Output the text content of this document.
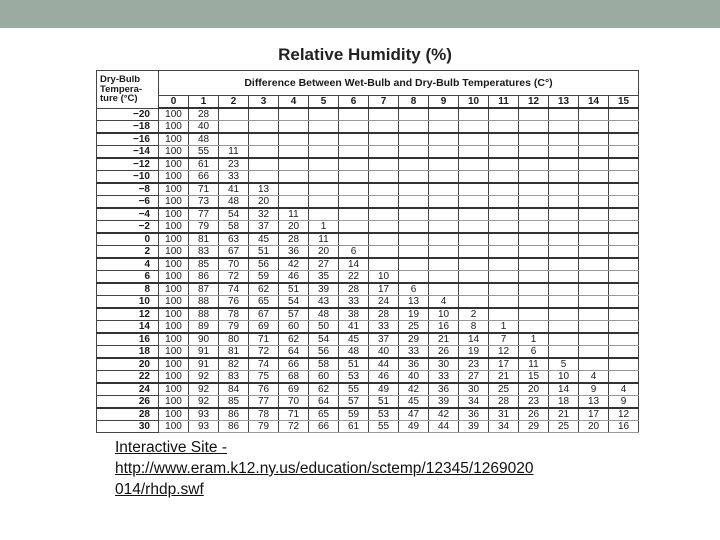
Relative Humidity (%)
Dry-Bulb Tempera-ture (°C)	Difference Between Wet-Bulb and Dry-Bulb Temperatures (C°)															
	0	1	2	3	4	5	6	7	8	9	10	11	12	13	14	15
−20	100	28														
−18	100	40														
−16	100	48														
−14	100	55	11													
−12	100	61	23													
−10	100	66	33													
−8	100	71	41	13												
−6	100	73	48	20												
−4	100	77	54	32	11											
−2	100	79	58	37	20	1										
0	100	81	63	45	28	11										
2	100	83	67	51	36	20	6									
4	100	85	70	56	42	27	14									
6	100	86	72	59	46	35	22	10								
8	100	87	74	62	51	39	28	17	6							
10	100	88	76	65	54	43	33	24	13	4						
12	100	88	78	67	57	48	38	28	19	10	2					
14	100	89	79	69	60	50	41	33	25	16	8	1				
16	100	90	80	71	62	54	45	37	29	21	14	7	1			
18	100	91	81	72	64	56	48	40	33	26	19	12	6			
20	100	91	82	74	66	58	51	44	36	30	23	17	11	5		
22	100	92	83	75	68	60	53	46	40	33	27	21	15	10	4	
24	100	92	84	76	69	62	55	49	42	36	30	25	20	14	9	4
26	100	92	85	77	70	64	57	51	45	39	34	28	23	18	13	9
28	100	93	86	78	71	65	59	53	47	42	36	31	26	21	17	12
30	100	93	86	79	72	66	61	55	49	44	39	34	29	25	20	16
Interactive Site -
http://www.eram.k12.ny.us/education/sctemp/12345/1269020
014/rhdp.swf
